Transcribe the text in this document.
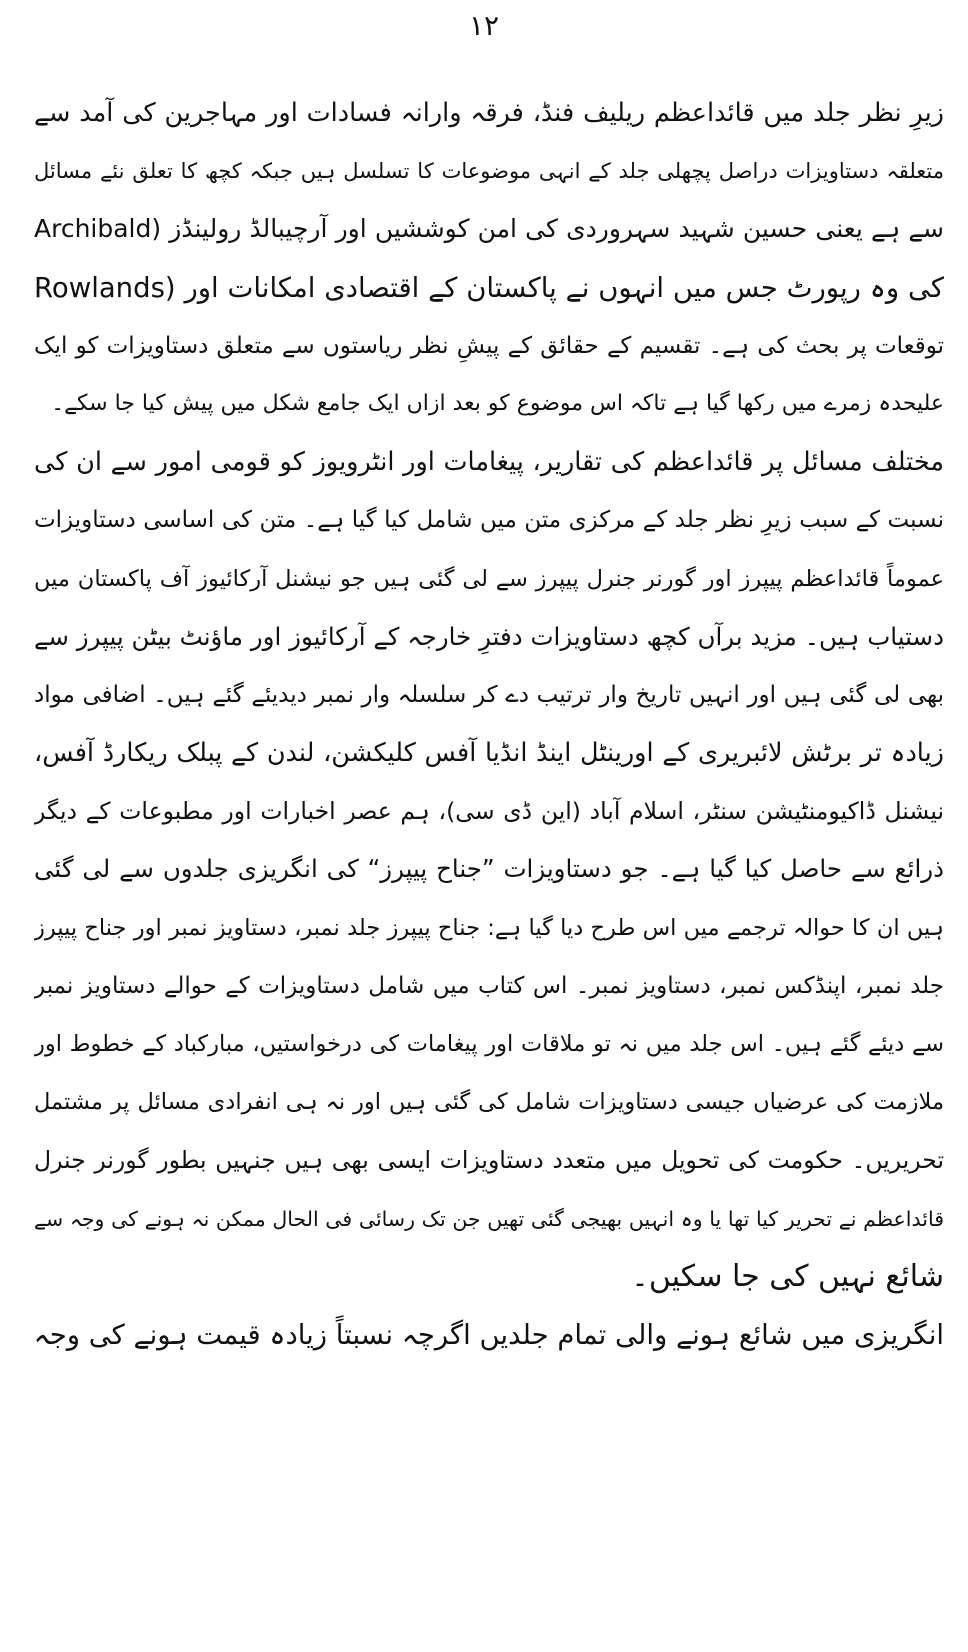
۱۲
زیرِ نظر جلد میں قائداعظم ریلیف فنڈ، فرقہ وارانہ فسادات اور مہاجرین کی آمد سے
متعلقہ دستاویزات دراصل پچھلی جلد کے انہی موضوعات کا تسلسل ہیں جبکہ کچھ کا تعلق نئے مسائل
سے ہے یعنی حسین شہید سہروردی کی امن کوششیں اور آرچیبالڈ رولینڈز (Archibald
Rowlands) کی وہ رپورٹ جس میں انہوں نے پاکستان کے اقتصادی امکانات اور
توقعات پر بحث کی ہے۔ تقسیم کے حقائق کے پیشِ نظر ریاستوں سے متعلق دستاویزات کو ایک
علیحدہ زمرے میں رکھا گیا ہے تاکہ اس موضوع کو بعد ازاں ایک جامع شکل میں پیش کیا جا سکے۔
مختلف مسائل پر قائداعظم کی تقاریر، پیغامات اور انٹرویوز کو قومی امور سے ان کی
نسبت کے سبب زیرِ نظر جلد کے مرکزی متن میں شامل کیا گیا ہے۔ متن کی اساسی دستاویزات
عموماً قائداعظم پیپرز اور گورنر جنرل پیپرز سے لی گئی ہیں جو نیشنل آرکائیوز آف پاکستان میں
دستیاب ہیں۔ مزید برآں کچھ دستاویزات دفترِ خارجہ کے آرکائیوز اور ماؤنٹ بیٹن پیپرز سے
بھی لی گئی ہیں اور انہیں تاریخ وار ترتیب دے کر سلسلہ وار نمبر دیدیئے گئے ہیں۔ اضافی مواد
زیادہ تر برٹش لائبریری کے اورینٹل اینڈ انڈیا آفس کلیکشن، لندن کے پبلک ریکارڈ آفس،
نیشنل ڈاکیومنٹیشن سنٹر، اسلام آباد (این ڈی سی)، ہم عصر اخبارات اور مطبوعات کے دیگر
ذرائع سے حاصل کیا گیا ہے۔ جو دستاویزات ”جناح پیپرز“ کی انگریزی جلدوں سے لی گئی
ہیں ان کا حوالہ ترجمے میں اس طرح دیا گیا ہے: جناح پیپرز جلد نمبر، دستاویز نمبر اور جناح پیپرز
جلد نمبر، اپنڈکس نمبر، دستاویز نمبر۔ اس کتاب میں شامل دستاویزات کے حوالے دستاویز نمبر
سے دیئے گئے ہیں۔ اس جلد میں نہ تو ملاقات اور پیغامات کی درخواستیں، مبارکباد کے خطوط اور
ملازمت کی عرضیاں جیسی دستاویزات شامل کی گئی ہیں اور نہ ہی انفرادی مسائل پر مشتمل
تحریریں۔ حکومت کی تحویل میں متعدد دستاویزات ایسی بھی ہیں جنہیں بطور گورنر جنرل
قائداعظم نے تحریر کیا تھا یا وہ انہیں بھیجی گئی تھیں جن تک رسائی فی الحال ممکن نہ ہونے کی وجہ سے
شائع نہیں کی جا سکیں۔
انگریزی میں شائع ہونے والی تمام جلدیں اگرچہ نسبتاً زیادہ قیمت ہونے کی وجہ
